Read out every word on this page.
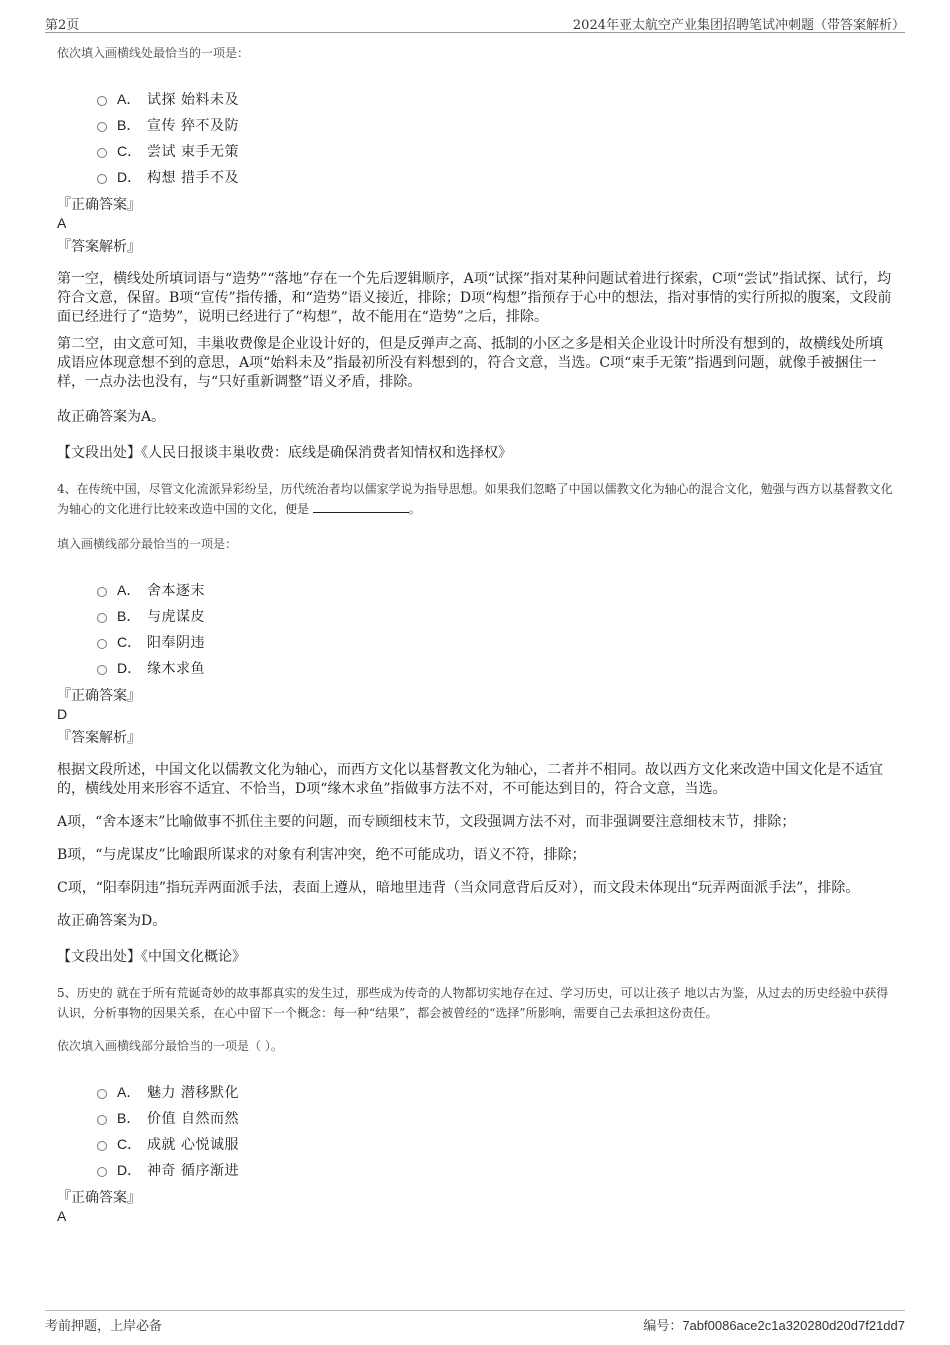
第2页	2024年亚太航空产业集团招聘笔试冲刺题（带答案解析）
依次填入画横线处最恰当的一项是：
A． 试探 始料未及
B． 宣传 猝不及防
C． 尝试 束手无策
D． 构想 措手不及
『正确答案』
A
『答案解析』

第一空，横线处所填词语与“造势”“落地”存在一个先后逻辑顺序，A项“试探”指对某种问题试着进行探索，C项“尝试”指试探、试行，均符合文意，保留。B项“宣传”指传播，和“造势”语义接近，排除；D项“构想”指预存于心中的想法，指对事情的实行所拟的腹案，文段前面已经进行了“造势”，说明已经进行了“构想”，故不能用在“造势”之后，排除。

第二空，由文意可知，丰巢收费像是企业设计好的，但是反弹声之高、抵制的小区之多是相关企业设计时所没有想到的，故横线处所填成语应体现意想不到的意思，A项“始料未及”指最初所没有料想到的，符合文意，当选。C项“束手无策”指遇到问题，就像手被捆住一样，一点办法也没有，与“只好重新调整”语义矛盾，排除。

故正确答案为A。

【文段出处】《人民日报谈丰巢收费：底线是确保消费者知情权和选择权》
4、在传统中国，尽管文化流派异彩纷呈，历代统治者均以儒家学说为指导思想。如果我们忽略了中国以儒教文化为轴心的混合文化，勉强与西方以基督教文化为轴心的文化进行比较来改造中国的文化，便是	。
填入画横线部分最恰当的一项是：
A． 舍本逐末
B． 与虎谋皮
C． 阳奉阴违
D． 缘木求鱼
『正确答案』
D
『答案解析』

根据文段所述，中国文化以儒教文化为轴心，而西方文化以基督教文化为轴心，二者并不相同。故以西方文化来改造中国文化是不适宜的，横线处用来形容不适宜、不恰当，D项“缘木求鱼”指做事方法不对，不可能达到目的，符合文意，当选。

A项，“舍本逐末”比喻做事不抓住主要的问题，而专顾细枝末节，文段强调方法不对，而非强调要注意细枝末节，排除；

B项，“与虎谋皮”比喻跟所谋求的对象有利害冲突，绝不可能成功，语义不符，排除；

C项，“阳奉阴违”指玩弄两面派手法，表面上遵从，暗地里违背（当众同意背后反对），而文段未体现出“玩弄两面派手法”，排除。

故正确答案为D。

【文段出处】《中国文化概论》
5、历史的 就在于所有荒诞奇妙的故事都真实的发生过，那些成为传奇的人物都切实地存在过、学习历史，可以让孩子 地以古为鉴，从过去的历史经验中获得认识，分析事物的因果关系，在心中留下一个概念：每一种“结果”，都会被曾经的“选择”所影响，需要自己去承担这份责任。
依次填入画横线部分最恰当的一项是（ ）。
A． 魅力 潜移默化
B． 价值 自然而然
C． 成就 心悦诚服
D． 神奇 循序渐进
『正确答案』
A
考前押题，上岸必备	编号：7abf0086ace2c1a320280d20d7f21dd7
